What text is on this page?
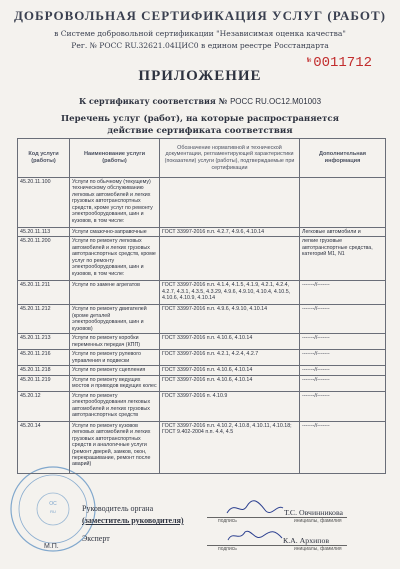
ОС
RU
ДОБРОВОЛЬНАЯ СЕРТИФИКАЦИЯ УСЛУГ (РАБОТ)
в Системе добровольной сертификации "Независимая оценка качества"
Рег. № РОСС RU.32621.04ЦИС0 в едином реестре Росстандарта
№ 0011712
ПРИЛОЖЕНИЕ
К сертификату соответствия № РОСС RU.ОС12.М01003
Перечень услуг (работ), на которые распространяется
действие сертификата соответствия
Код услуги (работы)	Наименование услуги (работы)	Обозначение нормативной и технической документации, регламентирующей характеристики (показатели) услуги (работы), подтверждаемые при сертификации	Дополнительная информация
45.20.11.100	Услуги по обычному (текущему) техническому обслуживанию легковых автомобилей и легких грузовых автотранспортных средств, кроме услуг по ремонту электрооборудования, шин и кузовов, в том числе:		
45.20.11.113	Услуги смазочно-заправочные	ГОСТ 33997-2016 п.п. 4.2.7, 4.9.6, 4.10.14	Легковые автомобили и
45.20.11.200	Услуги по ремонту легковых автомобилей и легких грузовых автотранспортных средств, кроме услуг по ремонту электрооборудования, шин и кузовов, в том числе:		легкие грузовые автотранспортные средства, категорий М1, N1
45.20.11.211	Услуги по замене агрегатов	ГОСТ 33997-2016 п.п. 4.1.4, 4.1.5, 4.1.9, 4.2.1, 4.2.4, 4.2.7, 4.3.1, 4.3.5, 4.3.29, 4.9.6, 4.9.10, 4.10.4, 4.10.5, 4.10.6, 4.10.9, 4.10.14	-------//-------
45.20.11.212	Услуги по ремонту двигателей (кроме деталей электрооборудования, шин и кузовов)	ГОСТ 33997-2016 п.п. 4.9.6, 4.9.10, 4.10.14	-------//-------
45.20.11.213	Услуги по ремонту коробки переменных передач (КПП)	ГОСТ 33997-2016 п.п. 4.10.6, 4.10.14	-------//-------
45.20.11.216	Услуги по ремонту рулевого управления и подвески	ГОСТ 33997-2016 п.п. 4.2.1, 4.2.4, 4.2.7	-------//-------
45.20.11.218	Услуги по ремонту сцепления	ГОСТ 33997-2016 п.п. 4.10.6, 4.10.14	-------//-------
45.20.11.219	Услуги по ремонту ведущих мостов и приводов ведущих колес	ГОСТ 33997-2016 п.п. 4.10.6, 4.10.14	-------//-------
45.20.12	Услуги по ремонту электрооборудования легковых автомобилей и легких грузовых автотранспортных средств	ГОСТ 33997-2016 п. 4.10.9	-------//-------
45.20.14	Услуги по ремонту кузовов легковых автомобилей и легких грузовых автотранспортных средств и аналогичные услуги (ремонт дверей, замков, окон, перекрашивание, ремонт после аварий)	ГОСТ 33997-2016 п.п. 4.10.2, 4.10.8, 4.10.11, 4.10.18; ГОСТ 9.402-2004 п.п. 4.4, 4.5	-------//-------
Руководитель органа
(заместитель руководителя)
Эксперт
подпись
Т.С. Овчинникова
инициалы, фамилия
подпись
К.А. Архипов
инициалы, фамилия
М.П.
